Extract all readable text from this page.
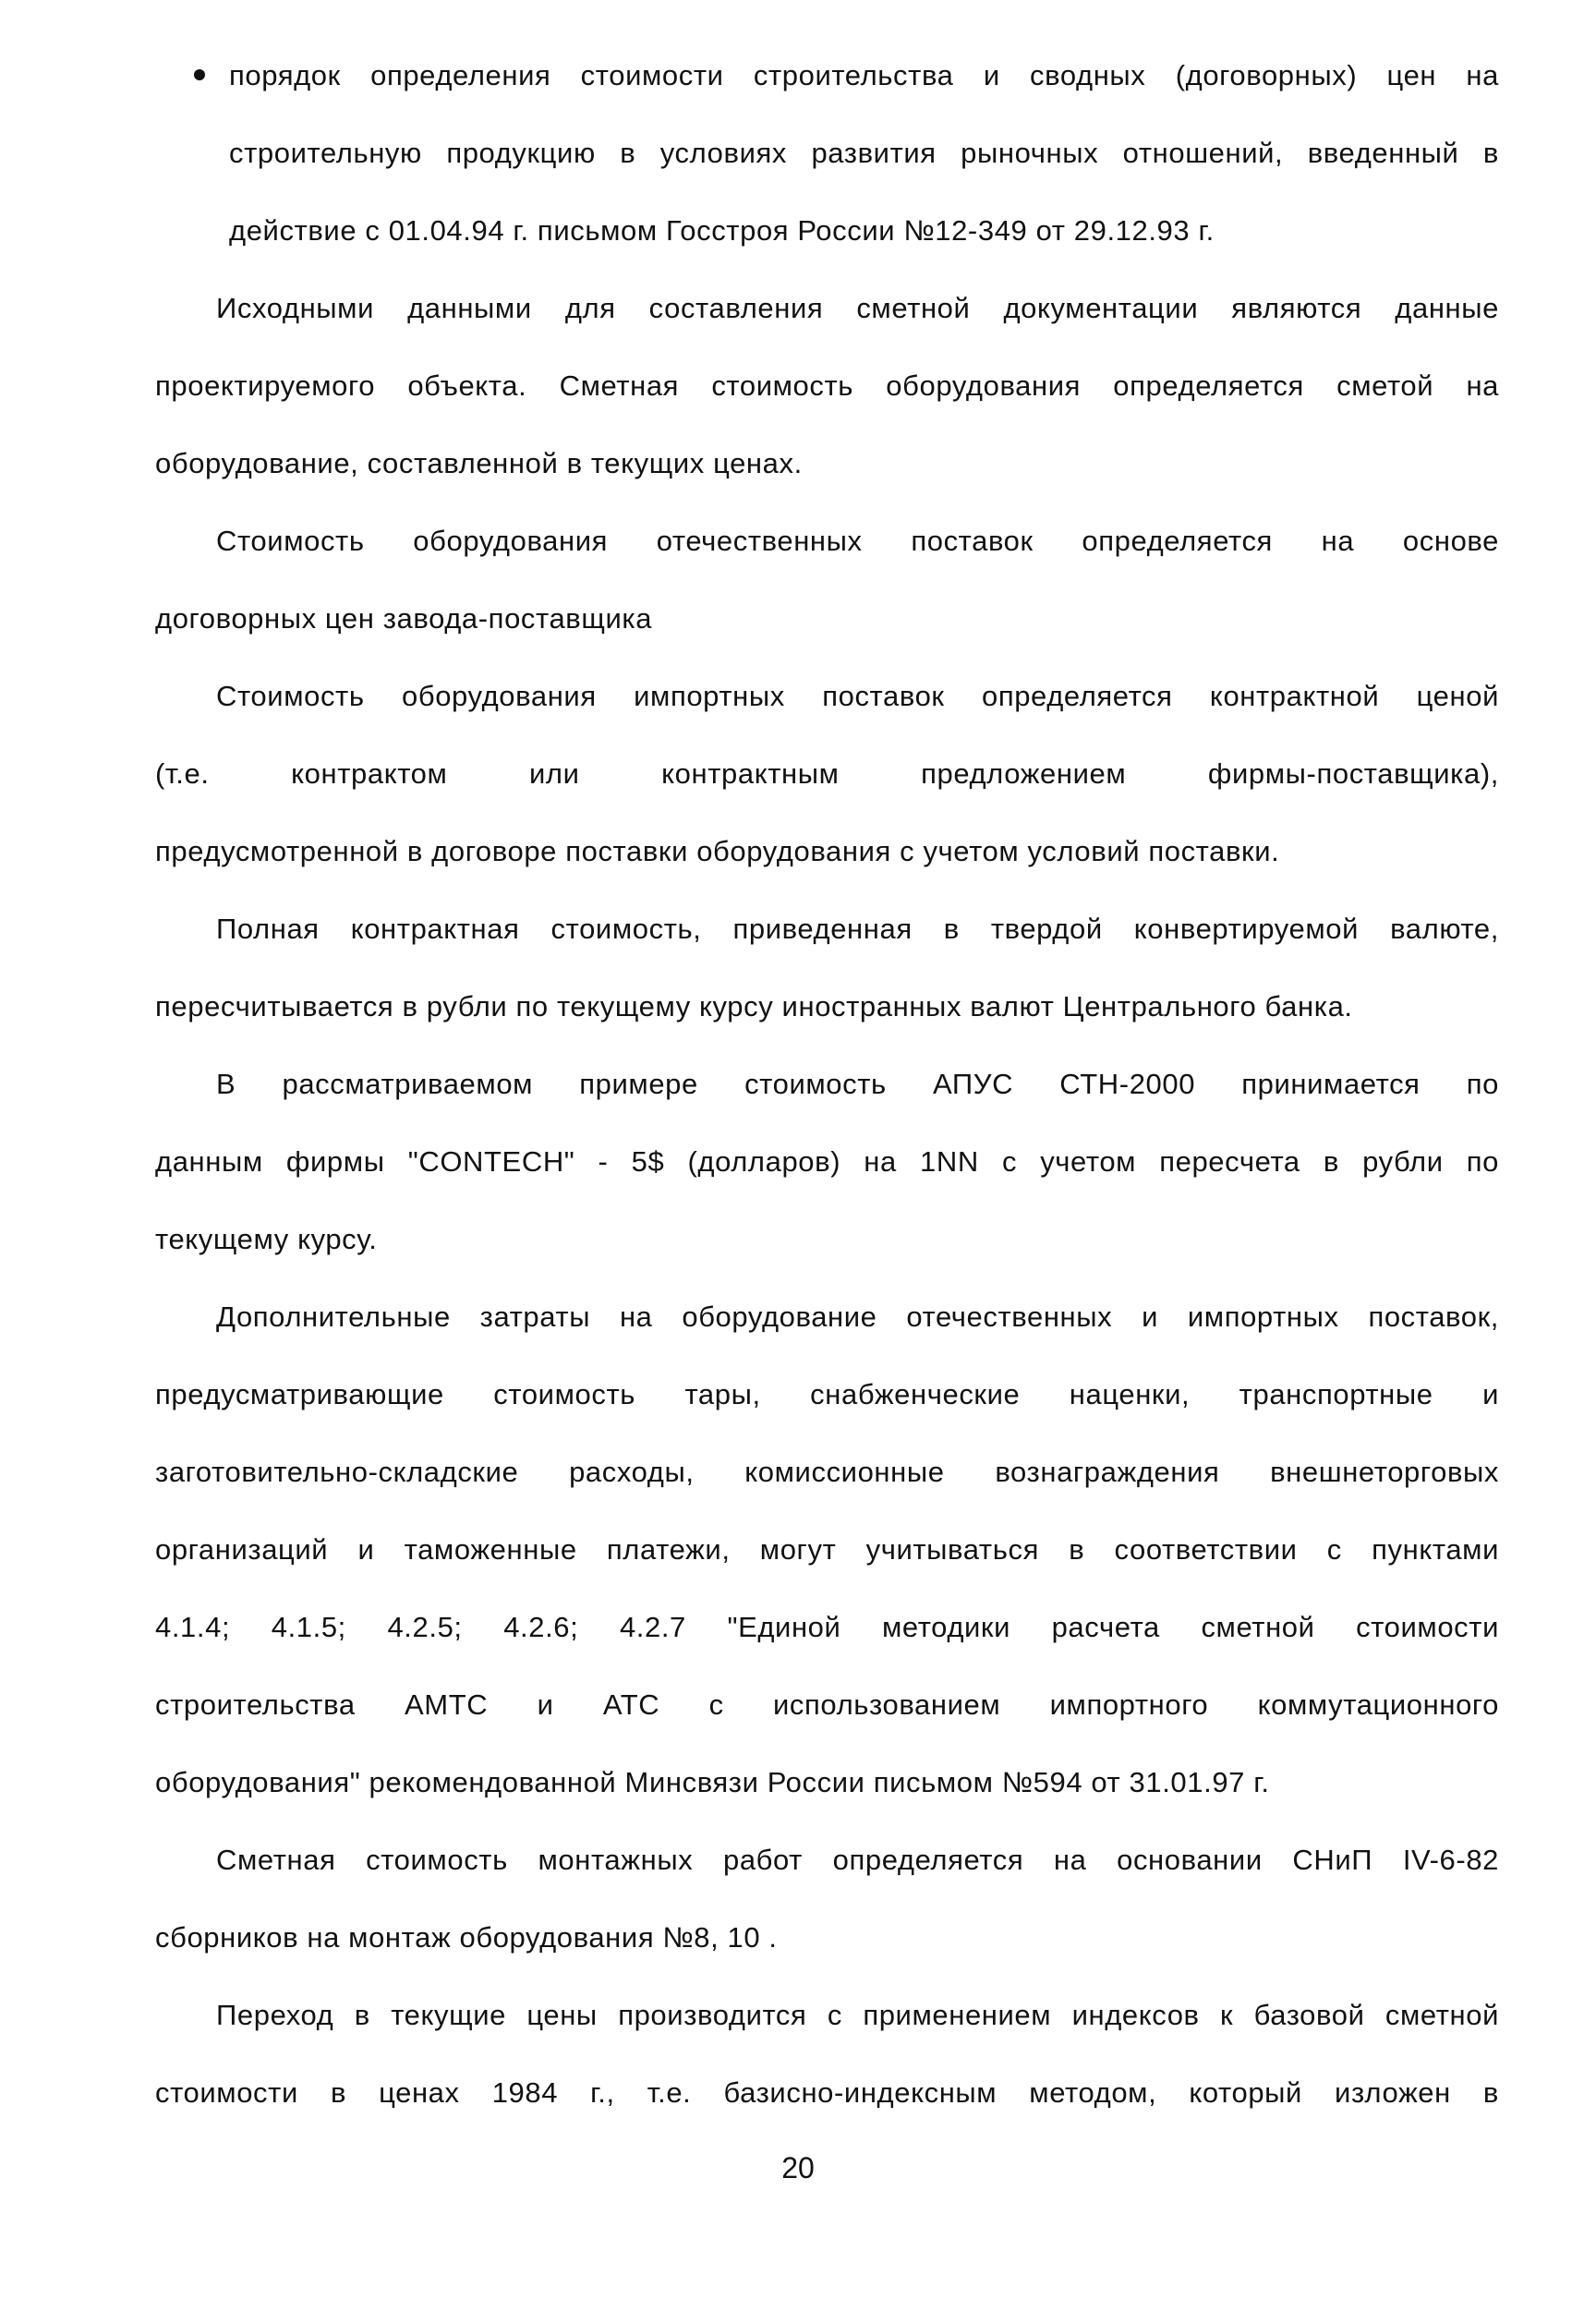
порядок определения стоимости строительства и сводных (договорных) цен на
строительную продукцию в условиях развития рыночных отношений, введенный в
действие с 01.04.94 г. письмом Госстроя России №12-349 от 29.12.93 г.
Исходными данными для составления сметной документации являются данные
проектируемого объекта. Сметная стоимость оборудования определяется сметой на
оборудование, составленной в текущих ценах.
Стоимость оборудования отечественных поставок определяется на основе
договорных цен завода-поставщика
Стоимость оборудования импортных поставок определяется контрактной ценой
(т.е. контрактом или контрактным предложением фирмы-поставщика),
предусмотренной в договоре поставки оборудования с учетом условий поставки.
Полная контрактная стоимость, приведенная в твердой конвертируемой валюте,
пересчитывается в рубли по текущему курсу иностранных валют Центрального банка.
В рассматриваемом примере стоимость АПУС СТН-2000 принимается по
данным фирмы "CONTECH" - 5$ (долларов) на 1NN с учетом пересчета в рубли по
текущему курсу.
Дополнительные затраты на оборудование отечественных и импортных поставок,
предусматривающие стоимость тары, снабженческие наценки, транспортные и
заготовительно-складские расходы, комиссионные вознаграждения внешнеторговых
организаций и таможенные платежи, могут учитываться в соответствии с пунктами
4.1.4; 4.1.5; 4.2.5; 4.2.6; 4.2.7 "Единой методики расчета сметной стоимости
строительства АМТС и АТС с использованием импортного коммутационного
оборудования" рекомендованной Минсвязи России письмом №594 от 31.01.97 г.
Сметная стоимость монтажных работ определяется на основании СНиП IV-6-82
сборников на монтаж оборудования №8, 10 .
Переход в текущие цены производится с применением индексов к базовой сметной
стоимости в ценах 1984 г., т.е. базисно-индексным методом, который изложен в
20
